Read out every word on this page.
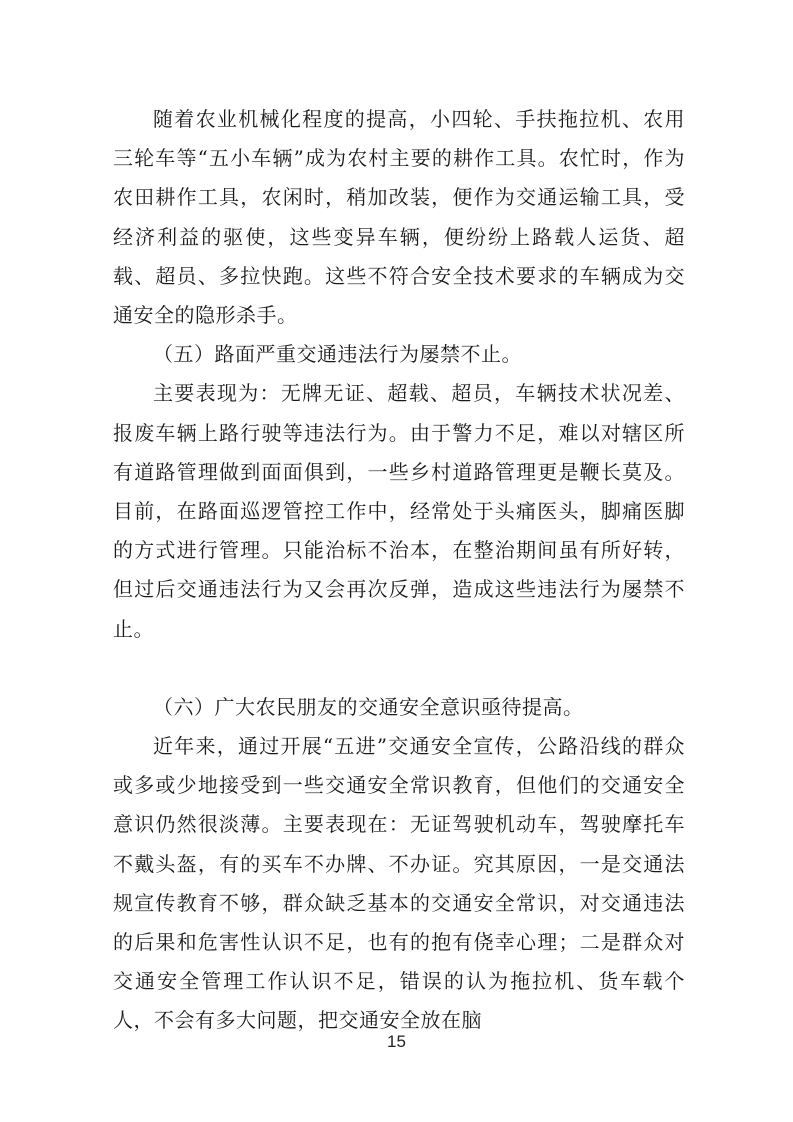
随着农业机械化程度的提高，小四轮、手扶拖拉机、农用三轮车等“五小车辆”成为农村主要的耕作工具。农忙时，作为农田耕作工具，农闲时，稍加改装，便作为交通运输工具，受经济利益的驱使，这些变异车辆，便纷纷上路载人运货、超载、超员、多拉快跑。这些不符合安全技术要求的车辆成为交通安全的隐形杀手。

（五）路面严重交通违法行为屡禁不止。

主要表现为：无牌无证、超载、超员，车辆技术状况差、报废车辆上路行驶等违法行为。由于警力不足，难以对辖区所有道路管理做到面面俱到，一些乡村道路管理更是鞭长莫及。目前，在路面巡逻管控工作中，经常处于头痛医头，脚痛医脚的方式进行管理。只能治标不治本，在整治期间虽有所好转，但过后交通违法行为又会再次反弹，造成这些违法行为屡禁不止。

（六）广大农民朋友的交通安全意识亟待提高。

近年来，通过开展“五进”交通安全宣传，公路沿线的群众或多或少地接受到一些交通安全常识教育，但他们的交通安全意识仍然很淡薄。主要表现在：无证驾驶机动车，驾驶摩托车不戴头盔，有的买车不办牌、不办证。究其原因，一是交通法规宣传教育不够，群众缺乏基本的交通安全常识，对交通违法的后果和危害性认识不足，也有的抱有侥幸心理；二是群众对交通安全管理工作认识不足，错误的认为拖拉机、货车载个人，不会有多大问题，把交通安全放在脑

15
